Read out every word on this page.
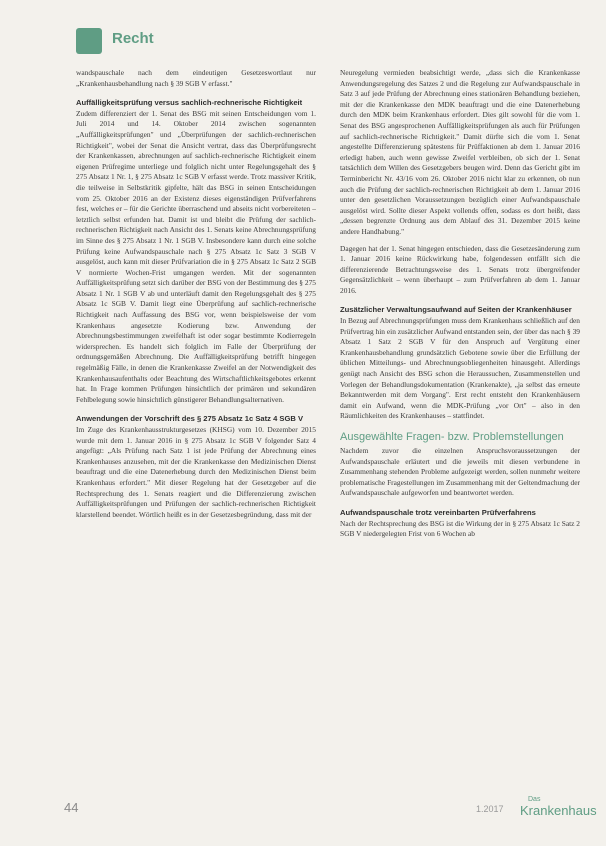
Recht

wandspauschale nach dem eindeutigen Gesetzeswortlaut nur „Krankenhausbehandlung nach § 39 SGB V erfasst."

Auffälligkeitsprüfung versus sachlich-rechnerische Richtigkeit

Zudem differenziert der 1. Senat des BSG mit seinen Entscheidungen vom 1. Juli 2014 und 14. Oktober 2014 zwischen sogenannten „Auffälligkeitsprüfungen" und „Überprüfungen der sachlich-rechnerischen Richtigkeit", wobei der Senat die Ansicht vertrat, dass das Überprüfungsrecht der Krankenkassen, abrechnungen auf sachlich-rechnerische Richtigkeit einem eigenen Prüfregime unterliege und folglich nicht unter Regelungsgehalt des § 275 Absatz 1 Nr. 1, § 275 Absatz 1c SGB V erfasst werde. Trotz massiver Kritik, die teilweise in Selbstkritik gipfelte, hält das BSG in seinen Entscheidungen vom 25. Oktober 2016 an der Existenz dieses eigenständigen Prüfverfahrens fest, welches er – für die Gerichte überraschend und abseits nicht vorbereiteten – letztlich selbst erfunden hat. Damit ist und bleibt die Prüfung der sachlich-rechnerischen Richtigkeit nach Ansicht des 1. Senats keine Abrechnungsprüfung im Sinne des § 275 Absatz 1 Nr. 1 SGB V. Insbesondere kann durch eine solche Prüfung keine Aufwandspauschale nach § 275 Absatz 1c Satz 3 SGB V ausgelöst, auch kann mit dieser Prüfvariation die in § 275 Absatz 1c Satz 2 SGB V normierte Wochen-Frist umgangen werden. Mit der sogenannten Auffälligkeitsprüfung setzt sich darüber der BSG von der Bestimmung des § 275 Absatz 1 Nr. 1 SGB V ab und unterläuft damit den Regelungsgehalt des § 275 Absatz 1c SGB V. Damit liegt eine Überprüfung auf sachlich-rechnerische Richtigkeit nach Auffassung des BSG vor, wenn beispielsweise der vom Krankenhaus angesetzte Kodierung bzw. Anwendung der Abrechnungsbestimmungen zweifelhaft ist oder sogar bestimmte Kodierregeln widersprechen. Es handelt sich folglich im Falle der Überprüfung der ordnungsgemäßen Abrechnung. Die Auffälligkeitsprüfung betrifft hingegen regelmäßig Fälle, in denen die Krankenkasse Zweifel an der Notwendigkeit des Krankenhausaufenthalts oder Beachtung des Wirtschaftlichkeitsgebotes erkennt hat. In Frage kommen Prüfungen hinsichtlich der primären und sekundären Fehlbelegung sowie hinsichtlich günstigerer Behandlungsalternativen.

Anwendungen der Vorschrift des § 275 Absatz 1c Satz 4 SGB V

Im Zuge des Krankenhausstrukturgesetzes (KHSG) vom 10. Dezember 2015 wurde mit dem 1. Januar 2016 in § 275 Absatz 1c SGB V folgender Satz 4 angefügt: „Als Prüfung nach Satz 1 ist jede Prüfung der Abrechnung eines Krankenhauses anzusehen, mit der die Krankenkasse den Medizinischen Dienst beauftragt und die eine Datenerhebung durch den Medizinischen Dienst beim Krankenhaus erfordert." Mit dieser Regelung hat der Gesetzgeber auf die Rechtsprechung des 1. Senats reagiert und die Differenzierung zwischen Auffälligkeitsprüfungen und Prüfungen der sachlich-rechnerischen Richtigkeit klarstellend beendet. Wörtlich heißt es in der Gesetzesbegründung, dass mit der

Neuregelung vermieden beabsichtigt werde, „dass sich die Krankenkasse Anwendungsregelung des Satzes 2 und die Regelung zur Aufwandspauschale in Satz 3 auf jede Prüfung der Abrechnung eines stationären Behandlung beziehen, mit der die Krankenkasse den MDK beauftragt und die eine Datenerhebung durch den MDK beim Krankenhaus erfordert. Dies gilt sowohl für die vom 1. Senat des BSG angesprochenen Auffälligkeitsprüfungen als auch für Prüfungen auf sachlich-rechnerische Richtigkeit." Damit dürfte sich die vom 1. Senat angestellte Differenzierung spätestens für Prüffaktionen ab dem 1. Januar 2016 erledigt haben, auch wenn gewisse Zweifel verbleiben, ob sich der 1. Senat tatsächlich dem Willen des Gesetzgebers beugen wird. Denn das Gericht gibt im Terminbericht Nr. 43/16 vom 26. Oktober 2016 nicht klar zu erkennen, ob nun auch die Prüfung der sachlich-rechnerischen Richtigkeit ab dem 1. Januar 2016 unter den gesetzlichen Voraussetzungen bezüglich einer Aufwandspauschale ausgelöst wird. Sollte dieser Aspekt vollends offen, sodass es dort heißt, dass „dessen begrenzte Ordnung aus dem Ablauf des 31. Dezember 2015 keine andere Handhabung."

Dagegen hat der 1. Senat hingegen entschieden, dass die Gesetzesänderung zum 1. Januar 2016 keine Rückwirkung habe, folgendessen entfällt sich die differenzierende Betrachtungsweise des 1. Senats trotz übergreifender Gegensätzlichkeit – wenn überhaupt – zum Prüfverfahren ab dem 1. Januar 2016.

Zusätzlicher Verwaltungsaufwand auf Seiten der Krankenhäuser

In Bezug auf Abrechnungsprüfungen muss dem Krankenhaus schließlich auf den Prüfvertrag hin ein zusätzlicher Aufwand entstanden sein, der über das nach § 39 Absatz 1 Satz 2 SGB V für den Anspruch auf Vergütung einer Krankenhausbehandlung grundsätzlich Gebotene sowie über die Erfüllung der üblichen Mitteilungs- und Abrechnungsobliegenheiten hinausgeht. Allerdings genügt nach Ansicht des BSG schon die Heraussuchen, Zusammenstellen und Vorlegen der Behandlungsdokumentation (Krankenakte), „ja selbst das erneute Bekanntwerden mit dem Vorgang". Erst recht entsteht den Krankenhäusern damit ein Aufwand, wenn die MDK-Prüfung „vor Ort" – also in den Räumlichkeiten des Krankenhauses – stattfindet.

Ausgewählte Fragen- bzw. Problemstellungen

Nachdem zuvor die einzelnen Anspruchsvoraussetzungen der Aufwandspauschale erläutert und die jeweils mit diesen verbundene in Zusammenhang stehenden Probleme aufgezeigt werden, sollen nunmehr weitere problematische Fragestellungen im Zusammenhang mit der Geltendmachung der Aufwandspauschale aufgeworfen und beantwortet werden.

Aufwandspauschale trotz vereinbarten Prüfverfahrens

Nach der Rechtsprechung des BSG ist die Wirkung der in § 275 Absatz 1c Satz 2 SGB V niedergelegten Frist von 6 Wochen ab

44	1.2017
Das
Krankenhaus
